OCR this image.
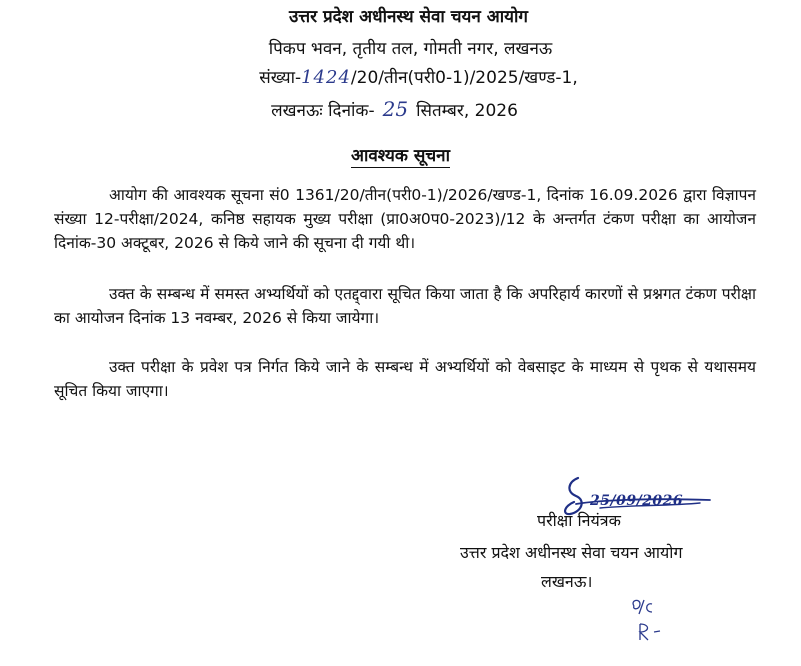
उत्तर प्रदेश अधीनस्थ सेवा चयन आयोग
पिकप भवन, तृतीय तल, गोमती नगर, लखनऊ
संख्या-1424/20/तीन(परी0-1)/2025/खण्ड-1,
लखनऊः दिनांक- 25 सितम्बर, 2026
आवश्यक सूचना
आयोग की आवश्यक सूचना सं0 1361/20/तीन(परी0-1)/2026/खण्ड-1, दिनांक 16.09.2026 द्वारा विज्ञापन संख्या 12-परीक्षा/2024, कनिष्ठ सहायक मुख्य परीक्षा (प्रा0अ0प0-2023)/12 के अन्तर्गत टंकण परीक्षा का आयोजन दिनांक-30 अक्टूबर, 2026 से किये जाने की सूचना दी गयी थी।
उक्त के सम्बन्ध में समस्त अभ्यर्थियों को एतद्द्वारा सूचित किया जाता है कि अपरिहार्य कारणों से प्रश्नगत टंकण परीक्षा का आयोजन दिनांक 13 नवम्बर, 2026 से किया जायेगा।
उक्त परीक्षा के प्रवेश पत्र निर्गत किये जाने के सम्बन्ध में अभ्यर्थियों को वेबसाइट के माध्यम से पृथक से यथासमय सूचित किया जाएगा।
25/09/2026
परीक्षा नियंत्रक
उत्तर प्रदेश अधीनस्थ सेवा चयन आयोग
लखनऊ।
